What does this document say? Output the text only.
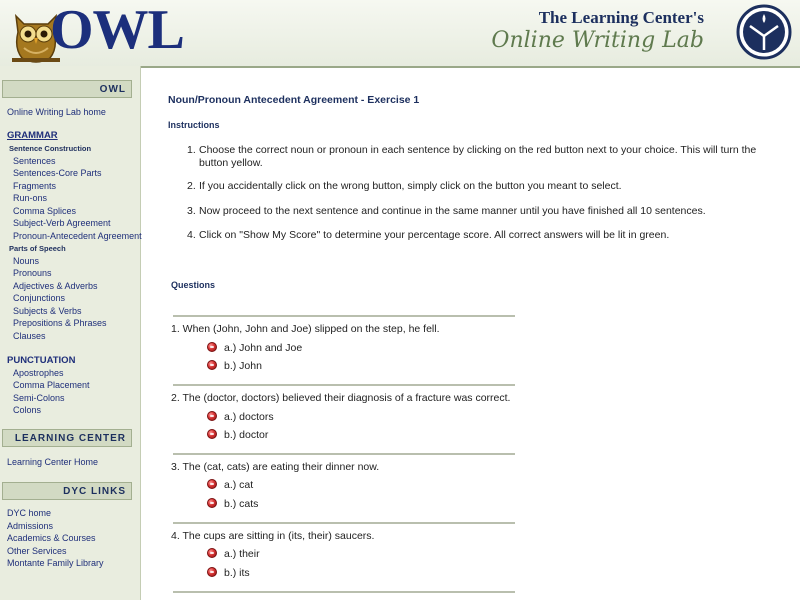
OWL	The Learning Center's
Online Writing Lab
OWL
Online Writing Lab home
GRAMMAR
Sentence Construction
Sentences
Sentences-Core Parts
Fragments
Run-ons
Comma Splices
Subject-Verb Agreement
Pronoun-Antecedent Agreement
Parts of Speech
Nouns
Pronouns
Adjectives & Adverbs
Conjunctions
Subjects & Verbs
Prepositions & Phrases
Clauses
PUNCTUATION
Apostrophes
Comma Placement
Semi-Colons
Colons
LEARNING CENTER
Learning Center Home
DYC LINKS
DYC home
Admissions
Academics & Courses
Other Services
Montante Family Library
Noun/Pronoun Antecedent Agreement - Exercise 1
Instructions
1. Choose the correct noun or pronoun in each sentence by clicking on the red button next to your choice. This will turn the button yellow.
2. If you accidentally click on the wrong button, simply click on the button you meant to select.
3. Now proceed to the next sentence and continue in the same manner until you have finished all 10 sentences.
4. Click on "Show My Score" to determine your percentage score. All correct answers will be lit in green.
Questions
1. When (John, John and Joe) slipped on the step, he fell.
a.) John and Joe
b.) John
2. The (doctor, doctors) believed their diagnosis of a fracture was correct.
a.) doctors
b.) doctor
3. The (cat, cats) are eating their dinner now.
a.) cat
b.) cats
4. The cups are sitting in (its, their) saucers.
a.) their
b.) its
